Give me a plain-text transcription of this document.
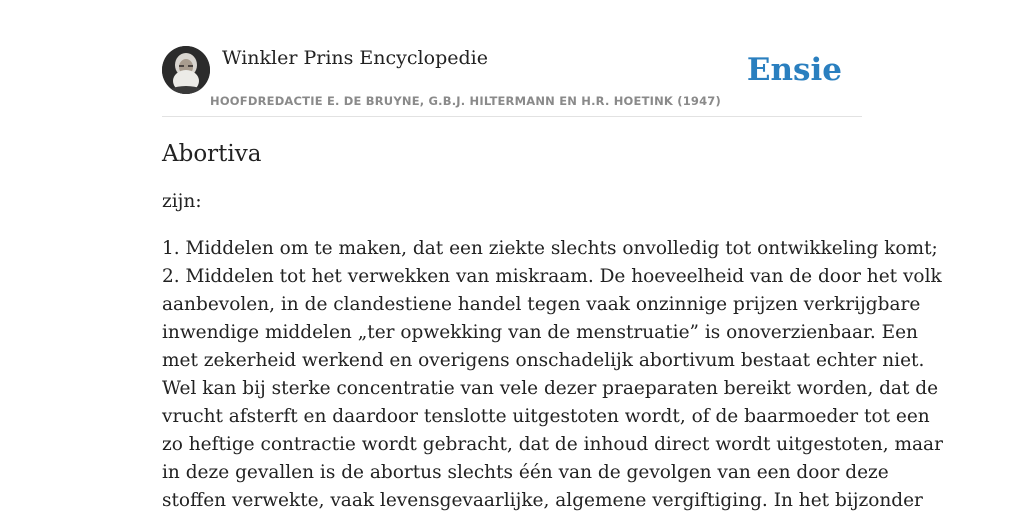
Winkler Prins Encyclopedie
HOOFDREDACTIE E. DE BRUYNE, G.B.J. HILTERMANN EN H.R. HOETINK (1947)
Ensie
Abortiva

zijn:

1. Middelen om te maken, dat een ziekte slechts onvolledig tot ontwikkeling komt;
2. Middelen tot het verwekken van miskraam. De hoeveelheid van de door het volk
aanbevolen, in de clandestiene handel tegen vaak onzinnige prijzen verkrijgbare
inwendige middelen „ter opwekking van de menstruatie” is onoverzienbaar. Een
met zekerheid werkend en overigens onschadelijk abortivum bestaat echter niet.
Wel kan bij sterke concentratie van vele dezer praeparaten bereikt worden, dat de
vrucht afsterft en daardoor tenslotte uitgestoten wordt, of de baarmoeder tot een
zo heftige contractie wordt gebracht, dat de inhoud direct wordt uitgestoten, maar
in deze gevallen is de abortus slechts één van de gevolgen van een door deze
stoffen verwekte, vaak levensgevaarlijke, algemene vergiftiging. In het bijzonder
